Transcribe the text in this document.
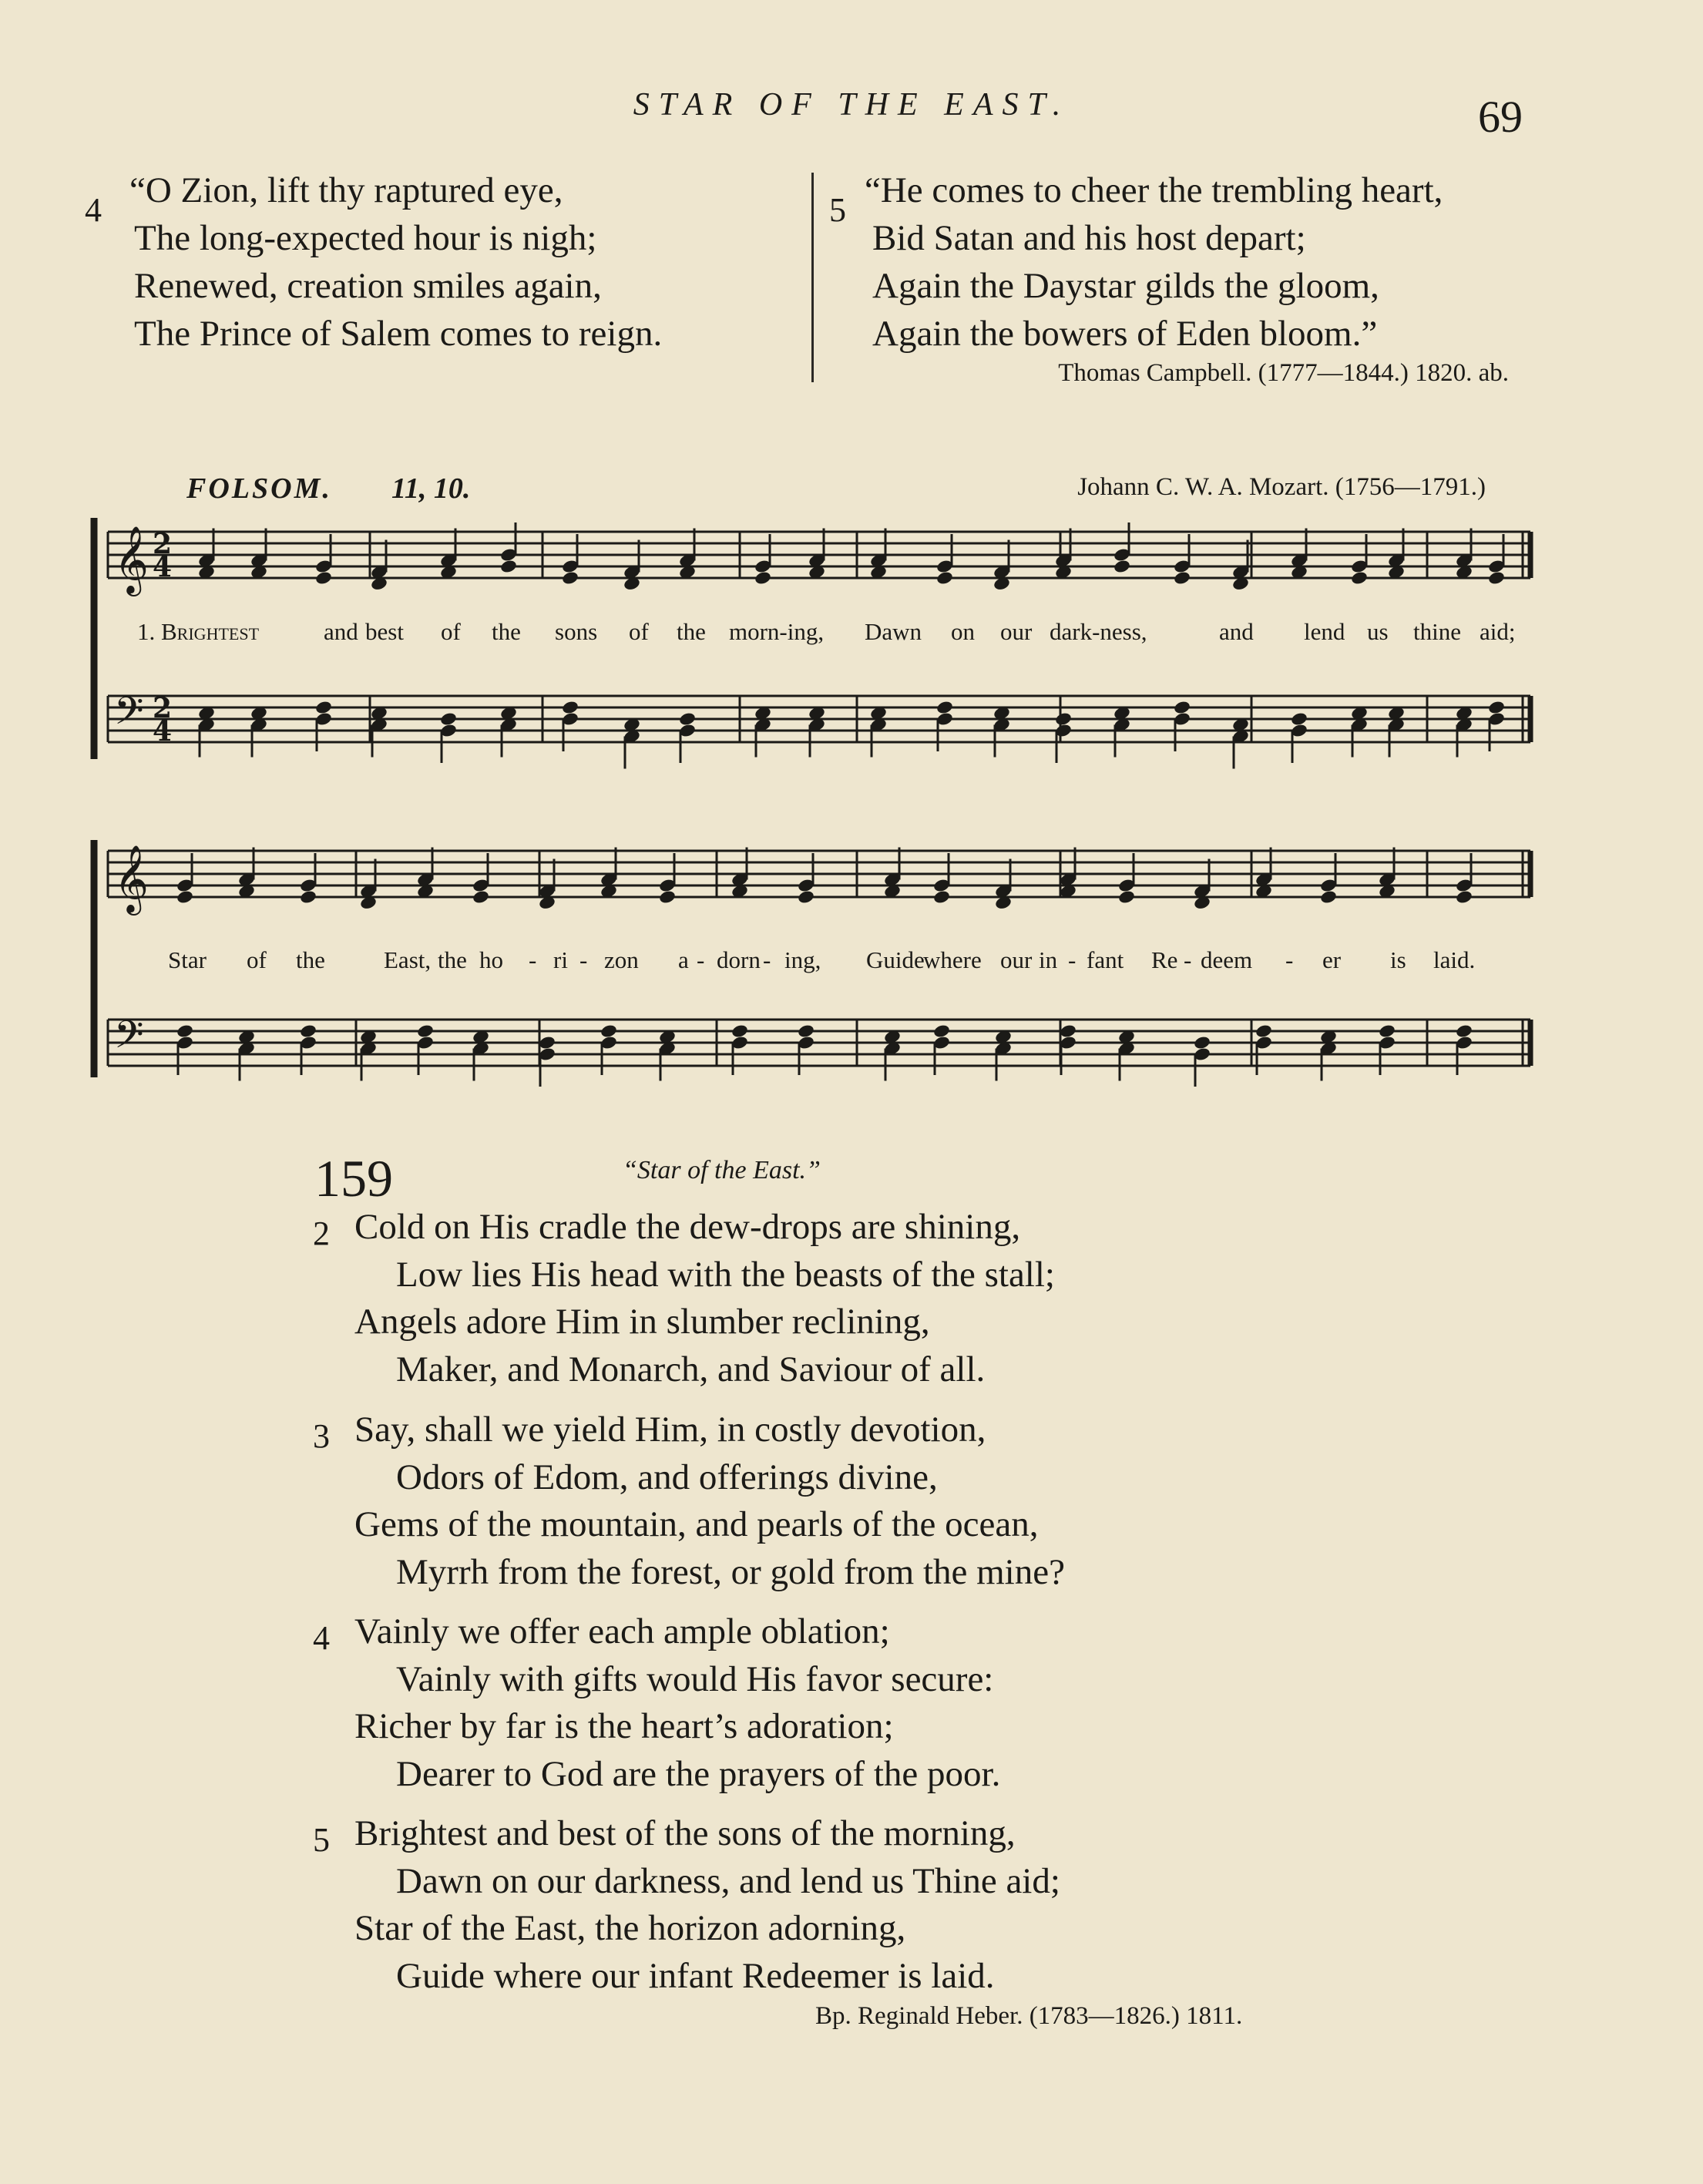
STAR OF THE EAST.	69
4 “O Zion, lift thy raptured eye,
The long-expected hour is nigh;
Renewed, creation smiles again,
The Prince of Salem comes to reign.
5 “He comes to cheer the trembling heart,
Bid Satan and his host depart;
Again the Daystar gilds the gloom,
Again the bowers of Eden bloom.”
Thomas Campbell. (1777—1844.) 1820. ab.
FOLSOM. 11, 10.	Johann C. W. A. Mozart. (1756—1791.)
𝄞
𝄢
𝄞
𝄢
2
4
2
4
1. Brightest	and best of the sons of the morn-ing, Dawn on our dark-ness,	and lend us thine aid;
Star of the East, the ho - ri - zon a - dorn - ing, Guide
where our in - fant Re - deem - er is laid.
159	“Star of the East.”
2 Cold on His cradle the dew-drops are shining,
Low lies His head with the beasts of the stall;
Angels adore Him in slumber reclining,
Maker, and Monarch, and Saviour of all.
3 Say, shall we yield Him, in costly devotion,
Odors of Edom, and offerings divine,
Gems of the mountain, and pearls of the ocean,
Myrrh from the forest, or gold from the mine?
4 Vainly we offer each ample oblation;
Vainly with gifts would His favor secure:
Richer by far is the heart’s adoration;
Dearer to God are the prayers of the poor.
5 Brightest and best of the sons of the morning,
Dawn on our darkness, and lend us Thine aid;
Star of the East, the horizon adorning,
Guide where our infant Redeemer is laid.
Bp. Reginald Heber. (1783—1826.) 1811.
